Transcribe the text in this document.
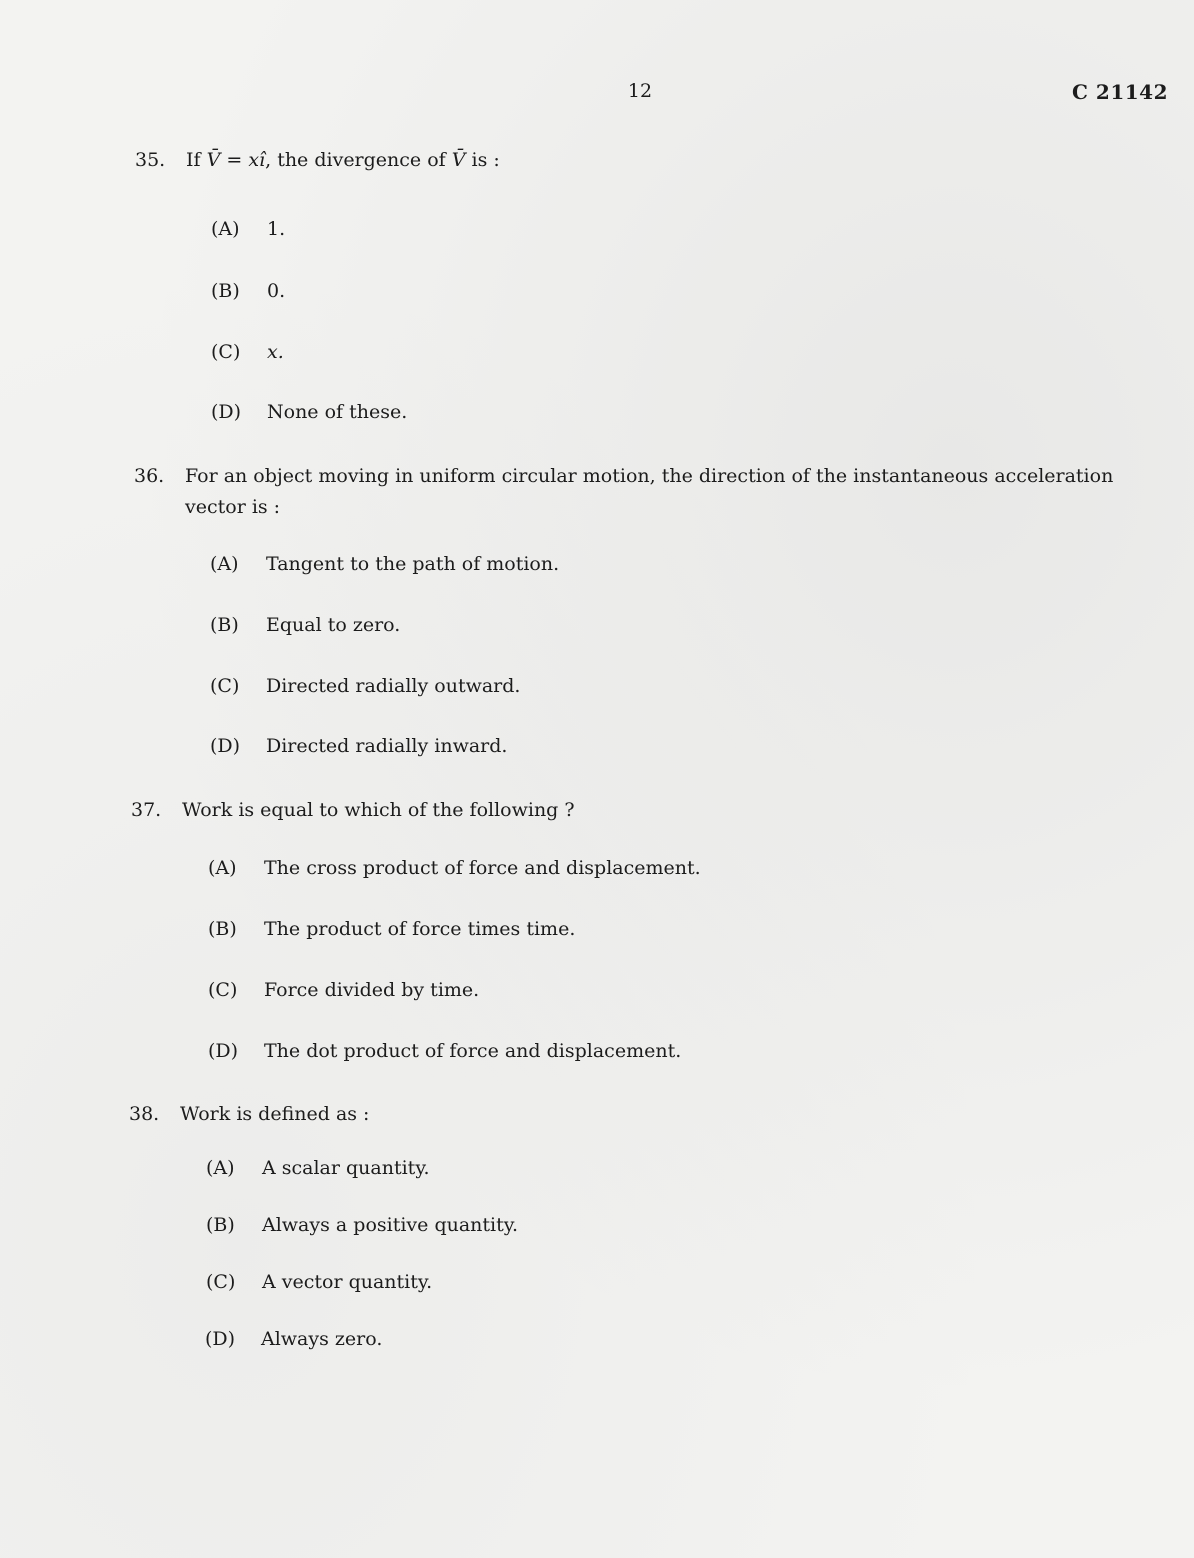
12	C 21142
35. If V̄ = xî, the divergence of V̄ is :
(A) 1.
(B) 0.
(C) x.
(D) None of these.
36. For an object moving in uniform circular motion, the direction of the instantaneous acceleration
vector is :
(A) Tangent to the path of motion.
(B) Equal to zero.
(C) Directed radially outward.
(D) Directed radially inward.
37. Work is equal to which of the following ?
(A) The cross product of force and displacement.
(B) The product of force times time.
(C) Force divided by time.
(D) The dot product of force and displacement.
38. Work is defined as :
(A) A scalar quantity.
(B) Always a positive quantity.
(C) A vector quantity.
(D) Always zero.
